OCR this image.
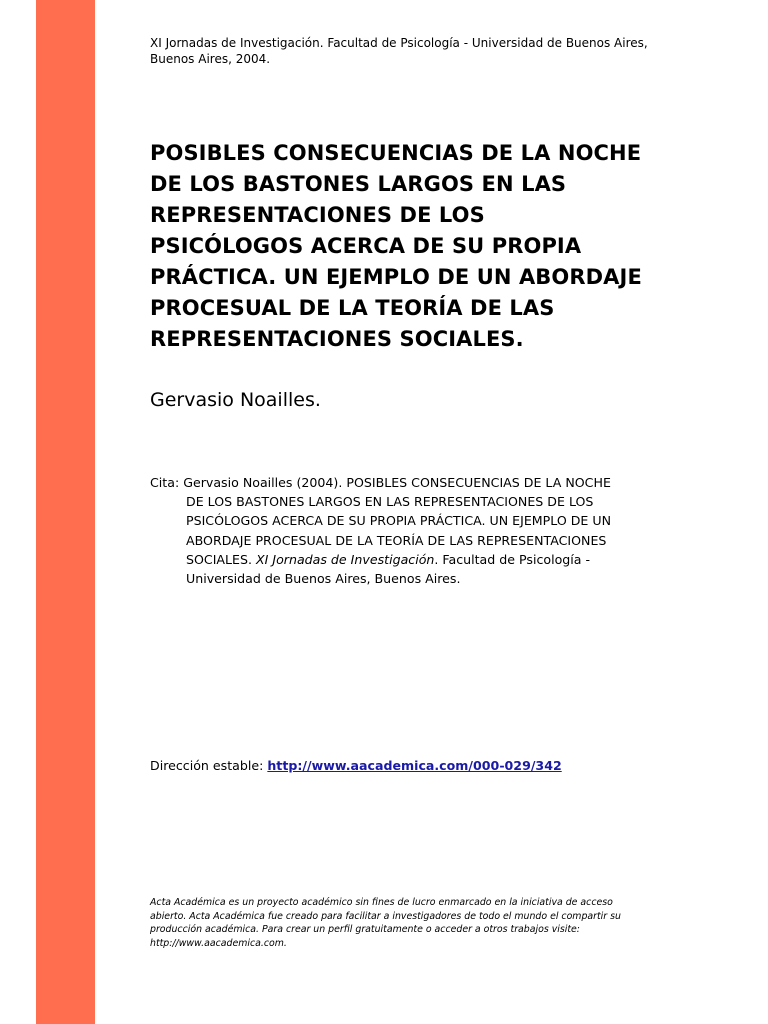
XI Jornadas de Investigación. Facultad de Psicología - Universidad de Buenos Aires,
Buenos Aires, 2004.
POSIBLES CONSECUENCIAS DE LA NOCHE
DE LOS BASTONES LARGOS EN LAS
REPRESENTACIONES DE LOS
PSICÓLOGOS ACERCA DE SU PROPIA
PRÁCTICA. UN EJEMPLO DE UN ABORDAJE
PROCESUAL DE LA TEORÍA DE LAS
REPRESENTACIONES SOCIALES.
Gervasio Noailles.
Cita: Gervasio Noailles (2004). POSIBLES CONSECUENCIAS DE LA NOCHE
DE LOS BASTONES LARGOS EN LAS REPRESENTACIONES DE LOS
PSICÓLOGOS ACERCA DE SU PROPIA PRÁCTICA. UN EJEMPLO DE UN
ABORDAJE PROCESUAL DE LA TEORÍA DE LAS REPRESENTACIONES
SOCIALES. XI Jornadas de Investigación. Facultad de Psicología -
Universidad de Buenos Aires, Buenos Aires.
Dirección estable: http://www.aacademica.com/000-029/342
Acta Académica es un proyecto académico sin fines de lucro enmarcado en la iniciativa de acceso
abierto. Acta Académica fue creado para facilitar a investigadores de todo el mundo el compartir su
producción académica. Para crear un perfil gratuitamente o acceder a otros trabajos visite:
http://www.aacademica.com.
